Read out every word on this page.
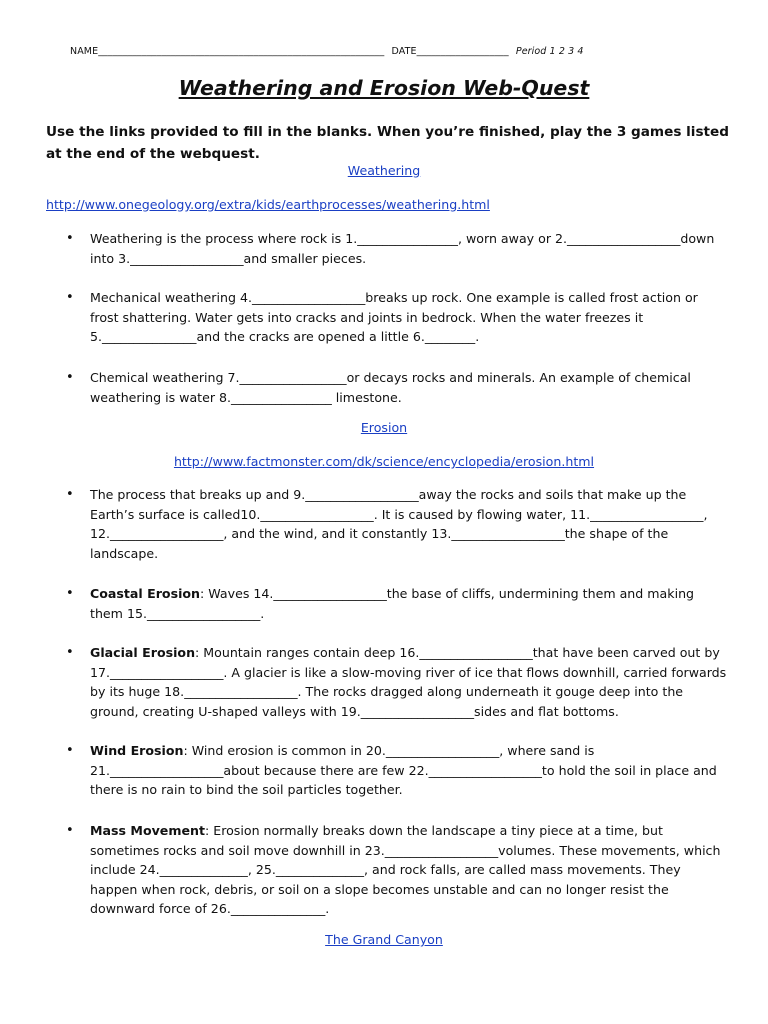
NAME___________________________________________________________ DATE___________________ Period 1 2 3 4
Weathering and Erosion Web-Quest
Use the links provided to fill in the blanks. When you’re finished, play the 3 games listed at the end of the webquest.
Weathering
http://www.onegeology.org/extra/kids/earthprocesses/weathering.html
• Weathering is the process where rock is 1.________________, worn away or 2.__________________down into 3.__________________and smaller pieces.
• Mechanical weathering 4.__________________breaks up rock. One example is called frost action or frost shattering. Water gets into cracks and joints in bedrock. When the water freezes it 5._______________and the cracks are opened a little 6.________.
• Chemical weathering 7._________________or decays rocks and minerals. An example of chemical weathering is water 8.________________ limestone.
Erosion
http://www.factmonster.com/dk/science/encyclopedia/erosion.html
• The process that breaks up and 9.__________________away the rocks and soils that make up the Earth’s surface is called10.__________________. It is caused by flowing water, 11.__________________, 12.__________________, and the wind, and it constantly 13.__________________the shape of the landscape.
• Coastal Erosion: Waves 14.__________________the base of cliffs, undermining them and making them 15.__________________.
• Glacial Erosion: Mountain ranges contain deep 16.__________________that have been carved out by 17.__________________. A glacier is like a slow-moving river of ice that flows downhill, carried forwards by its huge 18.__________________. The rocks dragged along underneath it gouge deep into the ground, creating U-shaped valleys with 19.__________________sides and flat bottoms.
• Wind Erosion: Wind erosion is common in 20.__________________, where sand is 21.__________________about because there are few 22.__________________to hold the soil in place and there is no rain to bind the soil particles together.
• Mass Movement: Erosion normally breaks down the landscape a tiny piece at a time, but sometimes rocks and soil move downhill in 23.__________________volumes. These movements, which include 24.______________, 25.______________, and rock falls, are called mass movements. They happen when rock, debris, or soil on a slope becomes unstable and can no longer resist the downward force of 26._______________.
The Grand Canyon
